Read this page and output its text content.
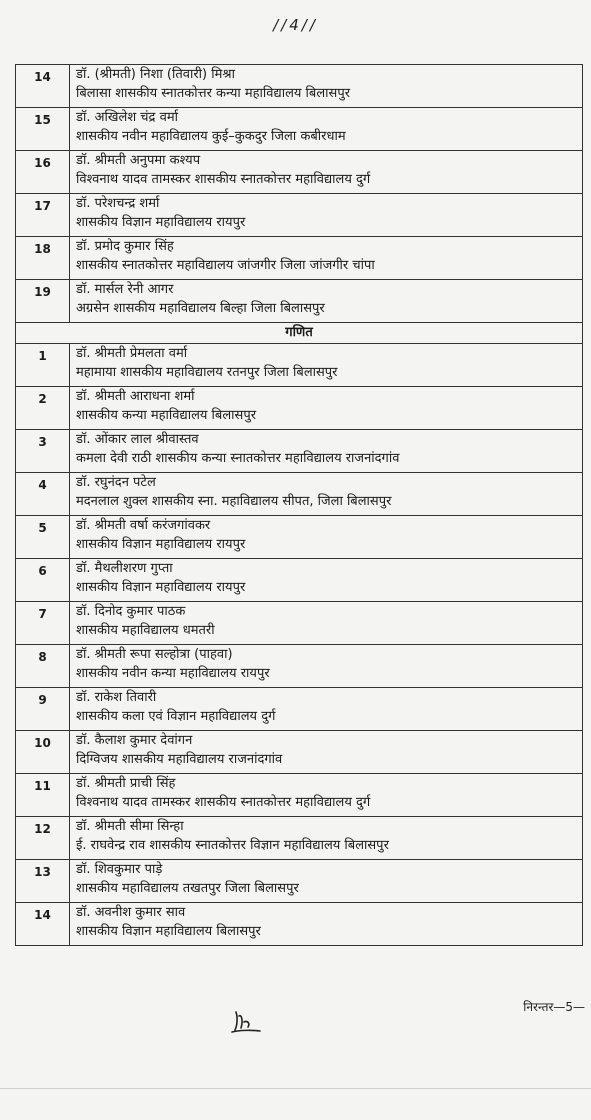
//4//
14	डॉ. (श्रीमती) निशा (तिवारी) मिश्रा
बिलासा शासकीय स्नातकोत्तर कन्या महाविद्यालय बिलासपुर

15	डॉ. अखिलेश चंद्र वर्मा
शासकीय नवीन महाविद्यालय कुई–कुकदुर जिला कबीरधाम

16	डॉ. श्रीमती अनुपमा कश्यप
विश्वनाथ यादव तामस्कर शासकीय स्नातकोत्तर महाविद्यालय दुर्ग

17	डॉ. परेशचन्द्र शर्मा
शासकीय विज्ञान महाविद्यालय रायपुर

18	डॉ. प्रमोद कुमार सिंह
शासकीय स्नातकोत्तर महाविद्यालय जांजगीर जिला जांजगीर चांपा

19	डॉ. मार्सल रेनी आगर
अग्रसेन शासकीय महाविद्यालय बिल्हा जिला बिलासपुर

गणित	
1	डॉ. श्रीमती प्रेमलता वर्मा
महामाया शासकीय महाविद्यालय रतनपुर जिला बिलासपुर

2	डॉ. श्रीमती आराधना शर्मा
शासकीय कन्या महाविद्यालय बिलासपुर

3	डॉ. ओंकार लाल श्रीवास्तव
कमला देवी राठी शासकीय कन्या स्नातकोत्तर महाविद्यालय राजनांदगांव

4	डॉ. रघुनंदन पटेल
मदनलाल शुक्ल शासकीय स्ना. महाविद्यालय सीपत, जिला बिलासपुर

5	डॉ. श्रीमती वर्षा करंजगांवकर
शासकीय विज्ञान महाविद्यालय रायपुर

6	डॉ. मैथलीशरण गुप्ता
शासकीय विज्ञान महाविद्यालय रायपुर

7	डॉ. दिनोद कुमार पाठक
शासकीय महाविद्यालय धमतरी

8	डॉ. श्रीमती रूपा सल्होत्रा (पाहवा)
शासकीय नवीन कन्या महाविद्यालय रायपुर

9	डॉ. राकेश तिवारी
शासकीय कला एवं विज्ञान महाविद्यालय दुर्ग

10	डॉ. कैलाश कुमार देवांगन
दिग्विजय शासकीय महाविद्यालय राजनांदगांव

11	डॉ. श्रीमती प्राची सिंह
विश्वनाथ यादव तामस्कर शासकीय स्नातकोत्तर महाविद्यालय दुर्ग

12	डॉ. श्रीमती सीमा सिन्हा
ई. राघवेन्द्र राव शासकीय स्नातकोत्तर विज्ञान महाविद्यालय बिलासपुर

13	डॉ. शिवकुमार पाड़े
शासकीय महाविद्यालय तखतपुर जिला बिलासपुर

14	डॉ. अवनीश कुमार साव
शासकीय विज्ञान महाविद्यालय बिलासपुर
निरन्तर—5—
